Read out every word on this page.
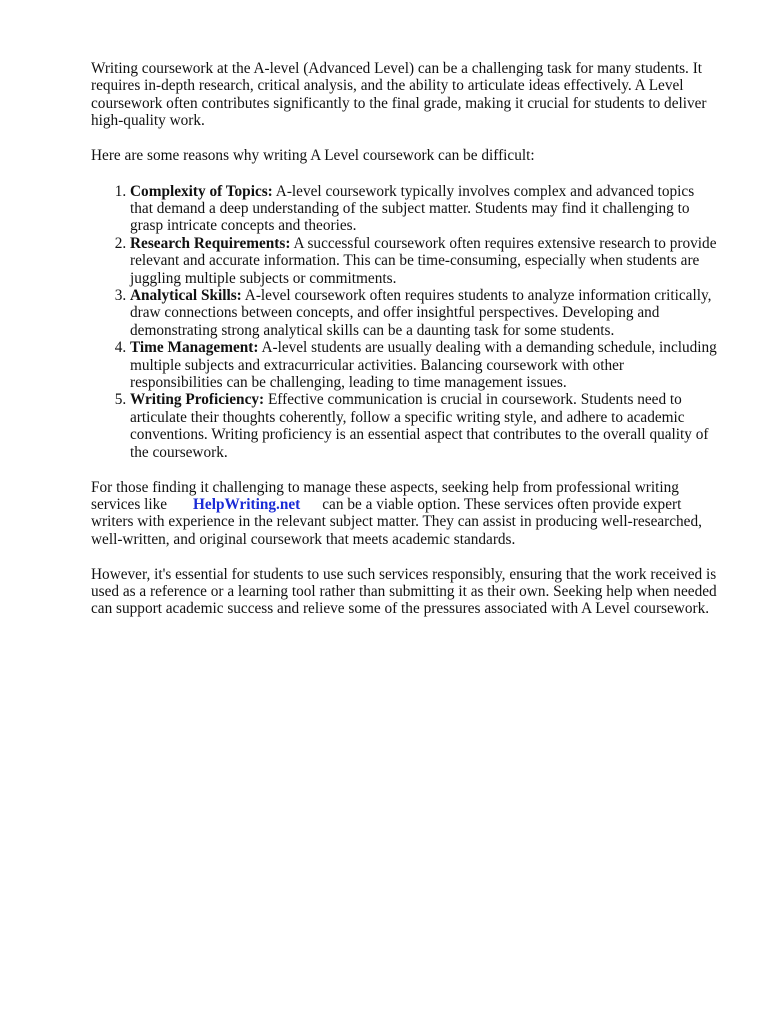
Writing coursework at the A-level (Advanced Level) can be a challenging task for many students. It requires in-depth research, critical analysis, and the ability to articulate ideas effectively. A Level coursework often contributes significantly to the final grade, making it crucial for students to deliver high-quality work.

Here are some reasons why writing A Level coursework can be difficult:

1. Complexity of Topics: A-level coursework typically involves complex and advanced topics that demand a deep understanding of the subject matter. Students may find it challenging to grasp intricate concepts and theories.
2. Research Requirements: A successful coursework often requires extensive research to provide relevant and accurate information. This can be time-consuming, especially when students are juggling multiple subjects or commitments.
3. Analytical Skills: A-level coursework often requires students to analyze information critically, draw connections between concepts, and offer insightful perspectives. Developing and demonstrating strong analytical skills can be a daunting task for some students.
4. Time Management: A-level students are usually dealing with a demanding schedule, including multiple subjects and extracurricular activities. Balancing coursework with other responsibilities can be challenging, leading to time management issues.
5. Writing Proficiency: Effective communication is crucial in coursework. Students need to articulate their thoughts coherently, follow a specific writing style, and adhere to academic conventions. Writing proficiency is an essential aspect that contributes to the overall quality of the coursework.

For those finding it challenging to manage these aspects, seeking help from professional writing services like HelpWriting.net can be a viable option. These services often provide expert writers with experience in the relevant subject matter. They can assist in producing well-researched, well-written, and original coursework that meets academic standards.

However, it's essential for students to use such services responsibly, ensuring that the work received is used as a reference or a learning tool rather than submitting it as their own. Seeking help when needed can support academic success and relieve some of the pressures associated with A Level coursework.
